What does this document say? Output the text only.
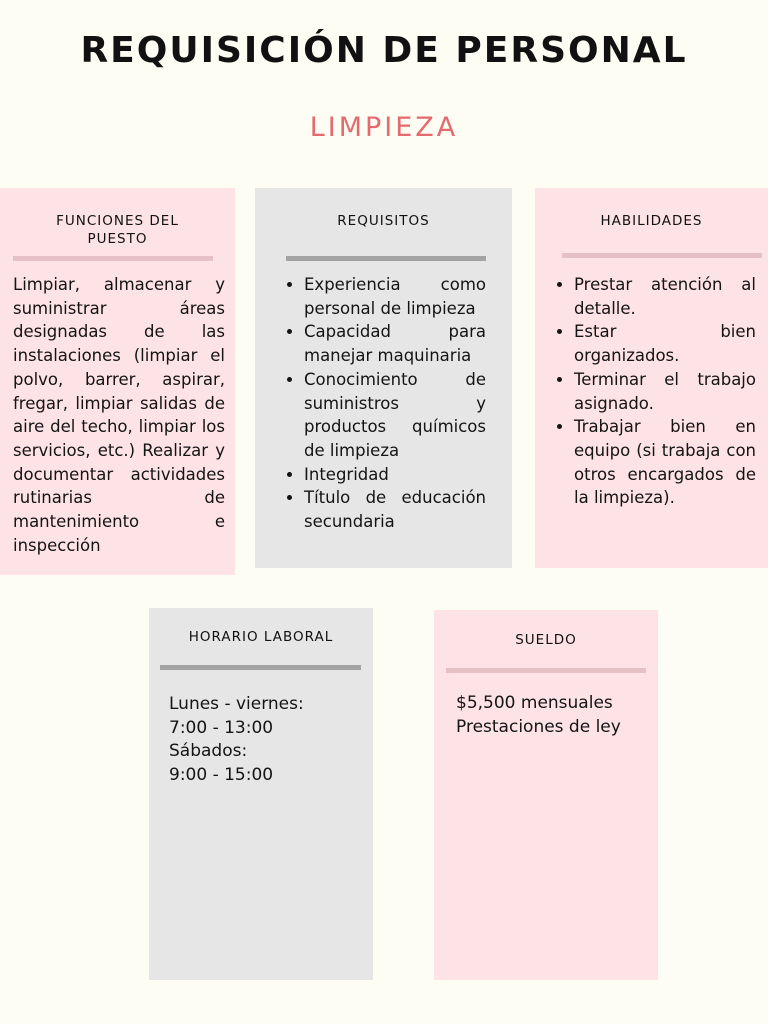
REQUISICIÓN DE PERSONAL
LIMPIEZA
FUNCIONES DEL PUESTO
Limpiar, almacenar y suministrar áreas designadas de las instalaciones (limpiar el polvo, barrer, aspirar, fregar, limpiar salidas de aire del techo, limpiar los servicios, etc.) Realizar y documentar actividades rutinarias de mantenimiento e inspección
REQUISITOS
• Experiencia como personal de limpieza
• Capacidad para manejar maquinaria
• Conocimiento de suministros y productos químicos de limpieza
• Integridad
• Título de educación secundaria
HABILIDADES
• Prestar atención al detalle.
• Estar bien organizados.
• Terminar el trabajo asignado.
• Trabajar bien en equipo (si trabaja con otros encargados de la limpieza).
HORARIO LABORAL
Lunes - viernes:
7:00 - 13:00
Sábados:
9:00 - 15:00
SUELDO
$5,500 mensuales
Prestaciones de ley
